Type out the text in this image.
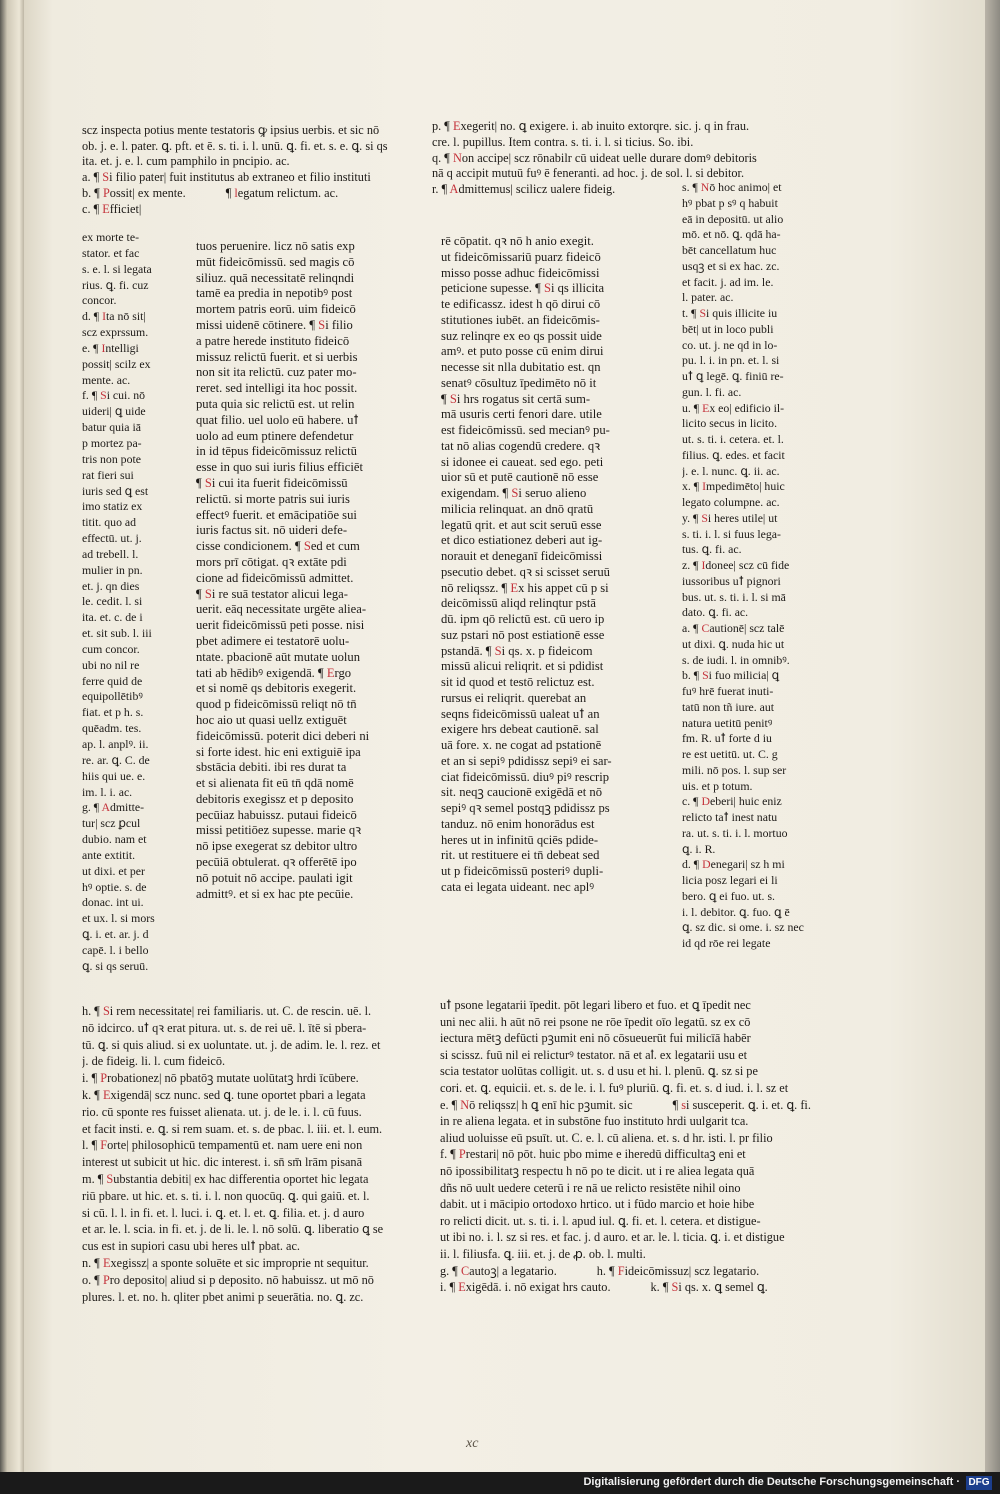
scz inspecta potius mente testatoris ꝙ ipsius uerbis. et sic nō
ob. j. e. l. pater. ꝗ. pft. et ē. s. ti. i. l. unū. ꝗ. fi. et. s. e. ꝗ. si qs
ita. et. j. e. l. cum pamphilo in pncipio. ac.
a. ¶ Si filio pater| fuit institutus ab extraneo et filio instituti
b. ¶ Possit| ex mente.	¶ legatum relictum. ac.
c. ¶ Efficiet|
ex morte te-
stator. et fac
s. e. l. si legata
rius. ꝗ. fi. cuz
concor.
d. ¶ Ita nō sit|
scz exprssum.
e. ¶ Intelligi
possit| scilz ex
mente. ac.
f. ¶ Si cui. nō
uideri| ꝗ uide
batur quia iā
p mortez pa-
tris non pote
rat fieri sui
iuris sed ꝗ est
imo statiz ex
titit. quo ad
effectū. ut. j.
ad trebell. l.
mulier in pn.
et. j. qn dies
le. cedit. l. si
ita. et. c. de i
et. sit sub. l. iii
cum concor.
ubi no nil re
ferre quid de
equipollētibꝰ
fiat. et p h. s.
quēadm. tes.
ap. l. anplꝰ. ii.
re. ar. ꝗ. C. de
hiis qui ue. e.
im. l. i. ac.
g. ¶ Admitte-
tur| scz ꝑcul
dubio. nam et
ante extitit.
ut dixi. et per
hꝰ optie. s. de
donac. int ui.
et ux. l. si mors
ꝗ. i. et. ar. j. d
capē. l. i bello
ꝗ. si qs seruū.
tuos peruenire. licz nō satis exp
mūt fideicōmissū. sed magis cō
siliuz. quā necessitatē relinqndi
tamē ea predia in nepotibꝰ post
mortem patris eorū. uim fideicō
missi uidenē cōtinere. ¶ Si filio
a patre herede instituto fideicō
missuz relictū fuerit. et si uerbis
non sit ita relictū. cuz pater mo-
reret. sed intelligi ita hoc possit.
puta quia sic relictū est. ut relin
quat filio. uel uolo eū habere. uꝉ
uolo ad eum ptinere defendetur
in id tēpus fideicōmissuz relictū
esse in quo sui iuris filius efficiēt
¶ Si cui ita fuerit fideicōmissū
relictū. si morte patris sui iuris
effectꝰ fuerit. et emācipatiōe sui
iuris factus sit. nō uideri defe-
cisse condicionem. ¶ Sed et cum
mors prī cōtigat. qꝛ extāte pdi
cione ad fideicōmissū admittet.
¶ Si re suā testator alicui lega-
uerit. eāq necessitate urgēte aliea-
uerit fideicōmissū peti posse. nisi
pbet adimere ei testatorē uolu-
ntate. pbacionē aūt mutate uolun
tati ab hēdibꝰ exigendā. ¶ Ergo
et si nomē qs debitoris exegerit.
quod p fideicōmissū reliqt nō tn̄
hoc aio ut quasi uellz extiguēt
fideicōmissū. poterit dici deberi ni
si forte idest. hic eni extiguiē ipa
sbstācia debiti. ibi res durat ta
et si alienata fit eū tn̄ qdā nomē
debitoris exegissz et p deposito
pecūiaz habuissz. putaui fideicō
missi petitiōez supesse. marie qꝛ
nō ipse exegerat sz debitor ultro
pecūiā obtulerat. qꝛ offerētē ipo
nō potuit nō accipe. paulati igit
admittꝰ. et si ex hac pte pecūie.
p. ¶ Exegerit| no. ꝗ exigere. i. ab inuito extorqre. sic. j. q in frau.
cre. l. pupillus. Item contra. s. ti. i. l. si ticius. So. ibi.
q. ¶ Non accipe| scz rōnabilr cū uideat uelle durare domꝰ debitoris
nā q accipit mutuū fuꝰ ē feneranti. ad hoc. j. de sol. l. si debitor.
r. ¶ Admittemus| scilicz ualere fideig.
rē cōpatit. qꝛ nō h anio exegit.
ut fideicōmissariū puarz fideicō
misso posse adhuc fideicōmissi
peticione supesse. ¶ Si qs illicita
te edificassz. idest h qō dirui cō
stitutiones iubēt. an fideicōmis-
suz relinqre ex eo qs possit uide
amꝰ. et puto posse cū enim dirui
necesse sit nlla dubitatio est. qn
senatꝰ cōsultuz īpedimēto nō it
¶ Si hrs rogatus sit certā sum-
mā usuris certi fenori dare. utile
est fideicōmissū. sed mecianꝰ pu-
tat nō alias cogendū credere. qꝛ
si idonee ei caueat. sed ego. peti
uior sū et putē cautionē nō esse
exigendam. ¶ Si seruo alieno
milicia relinquat. an dnō qratū
legatū qrit. et aut scit seruū esse
et dico estiationez deberi aut ig-
norauit et deneganī fideicōmissi
psecutio debet. qꝛ si scisset seruū
nō reliqssz. ¶ Ex his appet cū p si
deicōmissū aliqd relinqtur pstā
dū. ipm qō relictū est. cū uero ip
suz pstari nō post estiationē esse
pstandā. ¶ Si qs. x. p fideicom
missū alicui reliqrit. et si pdidist
sit id quod et testō relictuz est.
rursus ei reliqrit. querebat an
seqns fideicōmissū ualeat uꝉ an
exigere hrs debeat cautionē. sal
uā fore. x. ne cogat ad pstationē
et an si sepiꝰ pdidissz sepiꝰ ei sar-
ciat fideicōmissū. diuꝰ piꝰ rescrip
sit. neqꝫ caucionē exigēdā et nō
sepiꝰ qꝛ semel postqꝫ pdidissz ps
tanduz. nō enim honorādus est
heres ut in infinitū qciēs pdide-
rit. ut restituere ei tn̄ debeat sed
ut p fideicōmissū posteriꝰ dupli-
cata ei legata uideant. nec aplꝰ
s. ¶ Nō hoc animo| et
hꝰ pbat p sꝰ q habuit
eā in depositū. ut alio
mō. et nō. ꝗ. qdā ha-
bēt cancellatum huc
usqꝫ et si ex hac. zc.
et facit. j. ad im. le.
l. pater. ac.
t. ¶ Si quis illicite iu
bēt| ut in loco publi
co. ut. j. ne qd in lo-
pu. l. i. in pn. et. l. si
uꝉ ꝗ legē. ꝗ. finiū re-
gun. l. fi. ac.
u. ¶ Ex eo| edificio il-
licito secus in licito.
ut. s. ti. i. cetera. et. l.
filius. ꝗ. edes. et facit
j. e. l. nunc. ꝗ. ii. ac.
x. ¶ Impedimēto| huic
legato columpne. ac.
y. ¶ Si heres utile| ut
s. ti. i. l. si fuus lega-
tus. ꝗ. fi. ac.
z. ¶ Idonee| scz cū fide
iussoribus uꝉ pignori
bus. ut. s. ti. i. l. si mā
dato. ꝗ. fi. ac.
a. ¶ Cautionē| scz talē
ut dixi. ꝗ. nuda hic ut
s. de iudi. l. in omnibꝰ.
b. ¶ Si fuo milicia| ꝗ
fuꝰ hrē fuerat inuti-
tatū non tñ iure. aut
natura uetitū penitꝰ
fm. R. uꝉ forte d iu
re est uetitū. ut. C. g
mili. nō pos. l. sup ser
uis. et p totum.
c. ¶ Deberi| huic eniz
relicto taꝉ inest natu
ra. ut. s. ti. i. l. mortuo
ꝗ. i. R.
d. ¶ Denegari| sz h mi
licia posz legari ei li
bero. ꝗ ei fuo. ut. s.
i. l. debitor. ꝗ. fuo. ꝗ ē
ꝗ. sz dic. si ome. i. sz nec
id qd rōe rei legate
h. ¶ Si rem necessitate| rei familiaris. ut. C. de rescin. uē. l.
nō idcirco. uꝉ qꝛ erat pitura. ut. s. de rei uē. l. ītē si pbera-
tū. ꝗ. si quis aliud. si ex uoluntate. ut. j. de adim. le. l. rez. et
j. de fideig. li. l. cum fideicō.
i. ¶ Probationez| nō pbatōꝫ mutate uolūtatꝫ hrdi īcūbere.
k. ¶ Exigendā| scz nunc. sed ꝗ. tune oportet pbari a legata
rio. cū sponte res fuisset alienata. ut. j. de le. i. l. cū fuus.
et facit insti. e. ꝗ. si rem suam. et. s. de pbac. l. iii. et. l. eum.
l. ¶ Forte| philosophicū tempamentū et. nam uere eni non
interest ut subicit ut hic. dic interest. i. sn̄ sm̄ lrām pisanā
m. ¶ Substantia debiti| ex hac differentia oportet hic legata
riū pbare. ut hic. et. s. ti. i. l. non quocūq. ꝗ. qui gaiū. et. l.
si cū. l. l. in fi. et. l. luci. i. ꝗ. et. l. et. ꝗ. filia. et. j. d auro
et ar. le. l. scia. in fi. et. j. de li. le. l. nō solū. ꝗ. liberatio ꝗ se
cus est in supiori casu ubi heres ulꝉ pbat. ac.
n. ¶ Exegissz| a sponte soluēte et sic improprie nt sequitur.
o. ¶ Pro deposito| aliud si p deposito. nō habuissz. ut mō nō
plures. l. et. no. h. qliter pbet animi p seuerātia. no. ꝗ. zc.
uꝉ psone legatarii īpedit. pōt legari libero et fuo. et ꝗ īpedit nec
uni nec alii. h aūt nō rei psone ne rōe īpedit oīo legatū. sz ex cō
iectura mētꝫ defūcti pꝫumit eni nō cōsueuerūt fui milicīā habēr
si scissz. fuū nil ei relicturꝰ testator. nā et aꝉ. ex legatarii usu et
scia testator uolūtas colligit. ut. s. d usu et hi. l. plenū. ꝗ. sz si pe
cori. et. ꝗ. equicii. et. s. de le. i. l. fuꝰ pluriū. ꝗ. fi. et. s. d iud. i. l. sz et
e. ¶ Nō reliqssz| h ꝗ enī hic pꝫumit. sic	¶ si susceperit. ꝗ. i. et. ꝗ. fi.
in re aliena legata. et in substōne fuo instituto hrdi uulgarit tca.
aliud uoluisse eū psuīt. ut. C. e. l. cū aliena. et. s. d hr. isti. l. pr filio
f. ¶ Prestari| nō pōt. huic pbo mime e iheredū difficultaꝫ eni et
nō ipossibilitatꝫ respectu h nō po te dicit. ut i re aliea legata quā
dñs nō uult uedere ceterū i re nā ue relicto resistēte nihil oino
dabit. ut i mācipio ortodoxo hrtico. ut i fūdo marcio et hoie hibe
ro relicti dicit. ut. s. ti. i. l. apud iul. ꝗ. fi. et. l. cetera. et distigue-
ut ibi no. i. l. sz si res. et fac. j. d auro. et ar. le. l. ticia. ꝗ. i. et distigue
ii. l. filiusfa. ꝗ. iii. et. j. de ꝓ. ob. l. multi.
g. ¶ Cautoꝫ| a legatario.	h. ¶ Fideicōmissuz| scz legatario.
i. ¶ Exigēdā. i. nō exigat hrs cauto.	k. ¶ Si qs. x. ꝗ semel ꝗ.
xc
Digitalisierung gefördert durch die Deutsche Forschungsgemeinschaft · DFG
